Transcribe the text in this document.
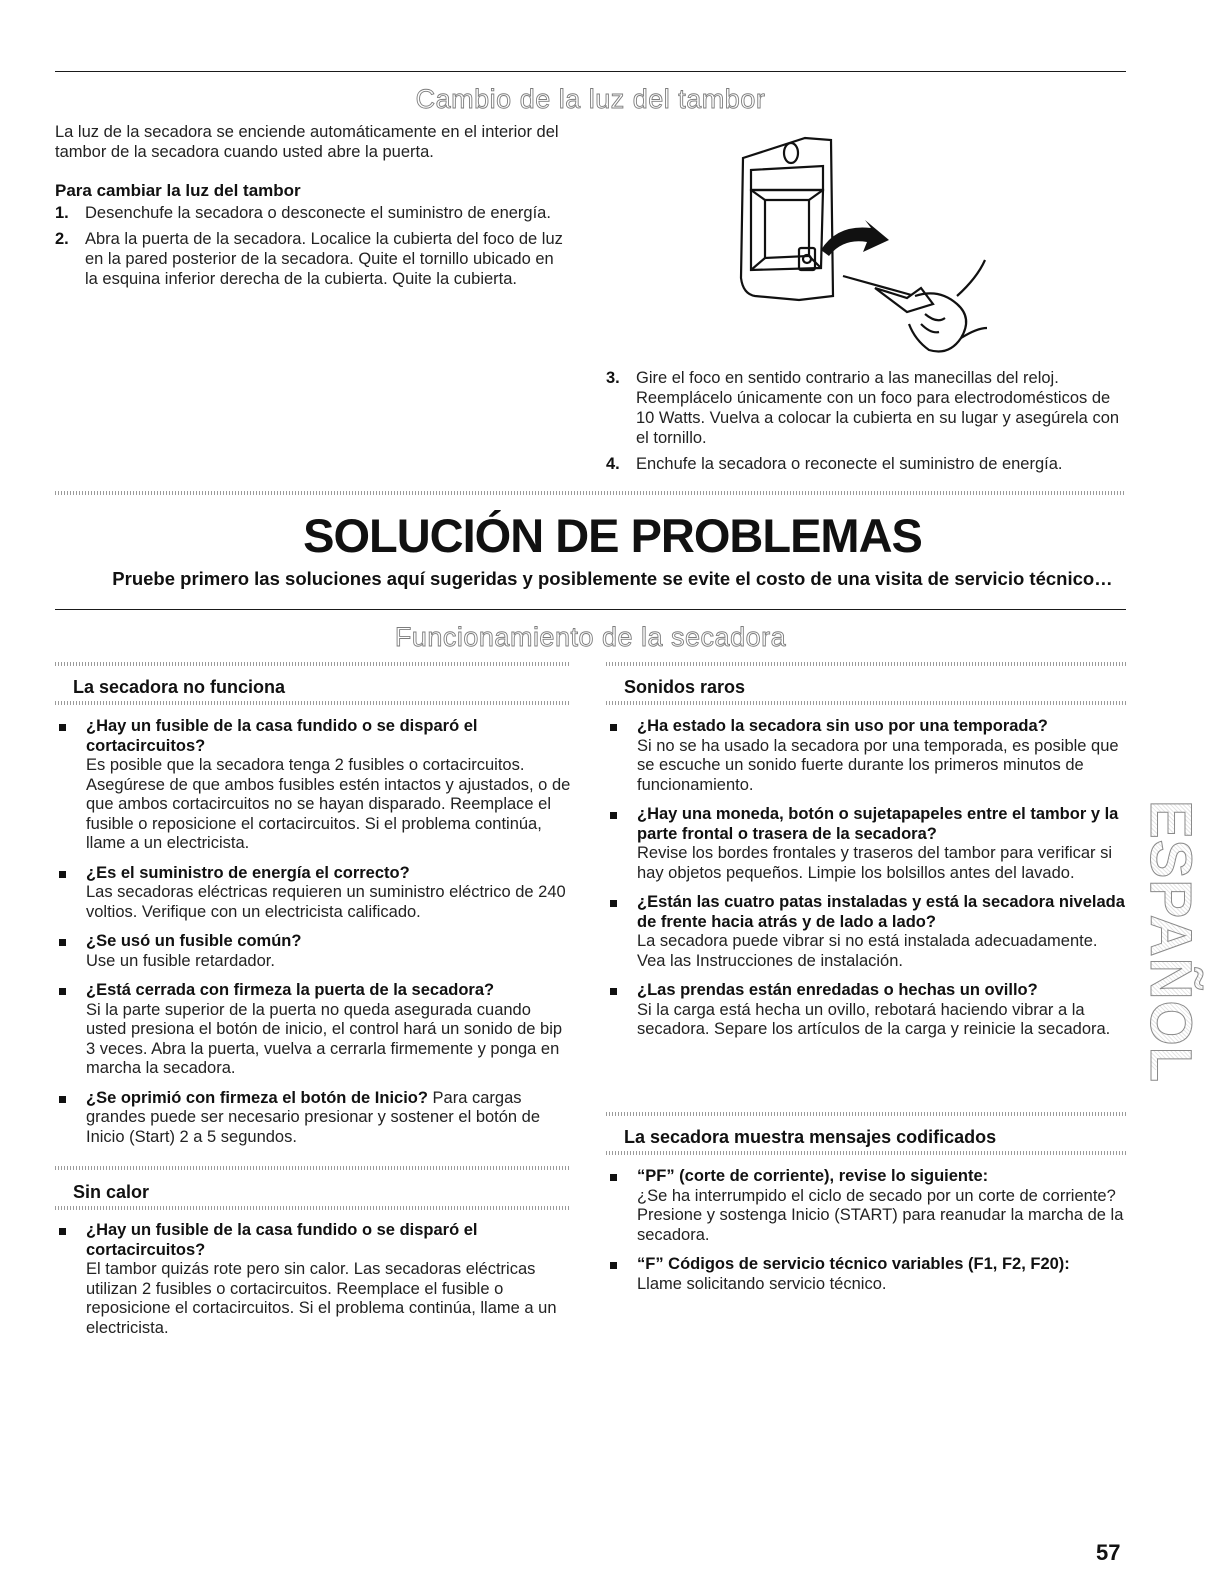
Cambio de la luz del tambor
La luz de la secadora se enciende automáticamente en el interior del tambor de la secadora cuando usted abre la puerta.
Para cambiar la luz del tambor
1. Desenchufe la secadora o desconecte el suministro de energía.
2. Abra la puerta de la secadora. Localice la cubierta del foco de luz en la pared posterior de la secadora. Quite el tornillo ubicado en la esquina inferior derecha de la cubierta. Quite la cubierta.
3. Gire el foco en sentido contrario a las manecillas del reloj. Reemplácelo únicamente con un foco para electrodomésticos de 10 Watts. Vuelva a colocar la cubierta en su lugar y asegúrela con el tornillo.
4. Enchufe la secadora o reconecte el suministro de energía.
SOLUCIÓN DE PROBLEMAS
Pruebe primero las soluciones aquí sugeridas y posiblemente se evite el costo de una visita de servicio técnico…
Funcionamiento de la secadora
La secadora no funciona
¿Hay un fusible de la casa fundido o se disparó el cortacircuitos?
Es posible que la secadora tenga 2 fusibles o cortacircuitos. Asegúrese de que ambos fusibles estén intactos y ajustados, o de que ambos cortacircuitos no se hayan disparado. Reemplace el fusible o reposicione el cortacircuitos. Si el problema continúa, llame a un electricista.
¿Es el suministro de energía el correcto?
Las secadoras eléctricas requieren un suministro eléctrico de 240 voltios. Verifique con un electricista calificado.
¿Se usó un fusible común?
Use un fusible retardador.
¿Está cerrada con firmeza la puerta de la secadora?
Si la parte superior de la puerta no queda asegurada cuando usted presiona el botón de inicio, el control hará un sonido de bip 3 veces. Abra la puerta, vuelva a cerrarla firmemente y ponga en marcha la secadora.
¿Se oprimió con firmeza el botón de Inicio? Para cargas grandes puede ser necesario presionar y sostener el botón de Inicio (Start) 2 a 5 segundos.
Sin calor
¿Hay un fusible de la casa fundido o se disparó el cortacircuitos?
El tambor quizás rote pero sin calor. Las secadoras eléctricas utilizan 2 fusibles o cortacircuitos. Reemplace el fusible o reposicione el cortacircuitos. Si el problema continúa, llame a un electricista.
Sonidos raros
¿Ha estado la secadora sin uso por una temporada?
Si no se ha usado la secadora por una temporada, es posible que se escuche un sonido fuerte durante los primeros minutos de funcionamiento.
¿Hay una moneda, botón o sujetapapeles entre el tambor y la parte frontal o trasera de la secadora?
Revise los bordes frontales y traseros del tambor para verificar si hay objetos pequeños. Limpie los bolsillos antes del lavado.
¿Están las cuatro patas instaladas y está la secadora nivelada de frente hacia atrás y de lado a lado?
La secadora puede vibrar si no está instalada adecuadamente. Vea las Instrucciones de instalación.
¿Las prendas están enredadas o hechas un ovillo?
Si la carga está hecha un ovillo, rebotará haciendo vibrar a la secadora. Separe los artículos de la carga y reinicie la secadora.
La secadora muestra mensajes codificados
“PF” (corte de corriente), revise lo siguiente:
¿Se ha interrumpido el ciclo de secado por un corte de corriente? Presione y sostenga Inicio (START) para reanudar la marcha de la secadora.
“F” Códigos de servicio técnico variables (F1, F2, F20):
Llame solicitando servicio técnico.
ESPAÑOL
57
